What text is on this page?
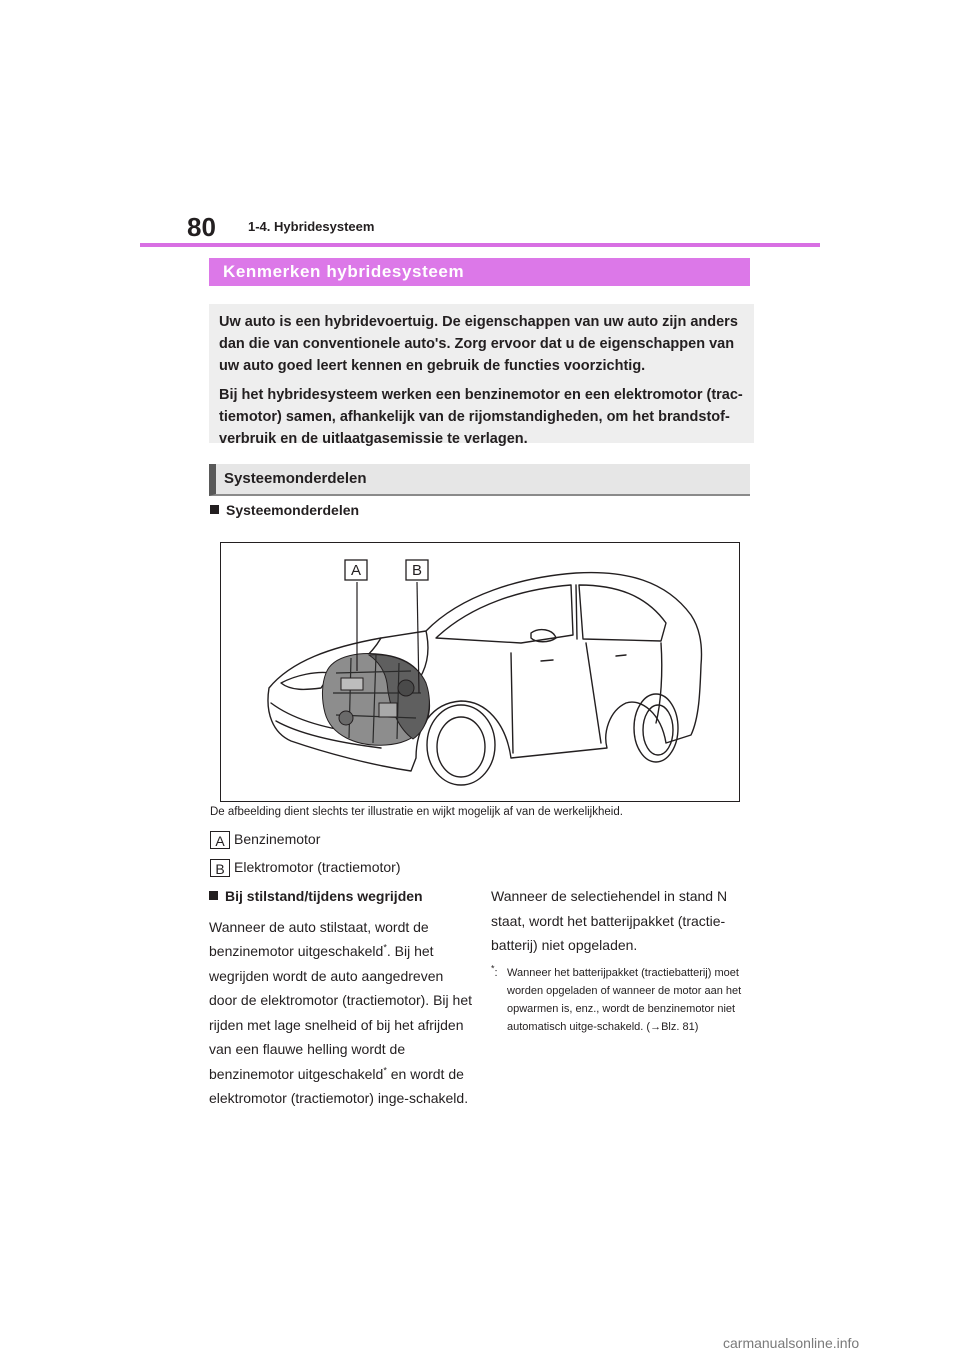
80 1-4. Hybridesysteem
Kenmerken hybridesysteem

Uw auto is een hybridevoertuig. De eigenschappen van uw auto zijn anders dan die van conventionele auto's. Zorg ervoor dat u de eigenschappen van uw auto goed leert kennen en gebruik de functies voorzichtig.

Bij het hybridesysteem werken een benzinemotor en een elektromotor (trac-tiemotor) samen, afhankelijk van de rijomstandigheden, om het brandstof-verbruik en de uitlaatgasemissie te verlagen.

Systeemonderdelen
Systeemonderdelen
A	B
De afbeelding dient slechts ter illustratie en wijkt mogelijk af van de werkelijkheid.
A Benzinemotor
B Elektromotor (tractiemotor)
Bij stilstand/tijdens wegrijden

Wanneer de auto stilstaat, wordt de benzinemotor uitgeschakeld*. Bij het wegrijden wordt de auto aangedreven door de elektromotor (tractiemotor). Bij het rijden met lage snelheid of bij het afrijden van een flauwe helling wordt de benzinemotor uitgeschakeld* en wordt de elektromotor (tractiemotor) inge-schakeld.

Wanneer de selectiehendel in stand N staat, wordt het batterijpakket (tractie-batterij) niet opgeladen.

*: Wanneer het batterijpakket (tractiebatterij) moet worden opgeladen of wanneer de motor aan het opwarmen is, enz., wordt de benzinemotor niet automatisch uitge-schakeld. (→Blz. 81)
carmanualsonline.info
